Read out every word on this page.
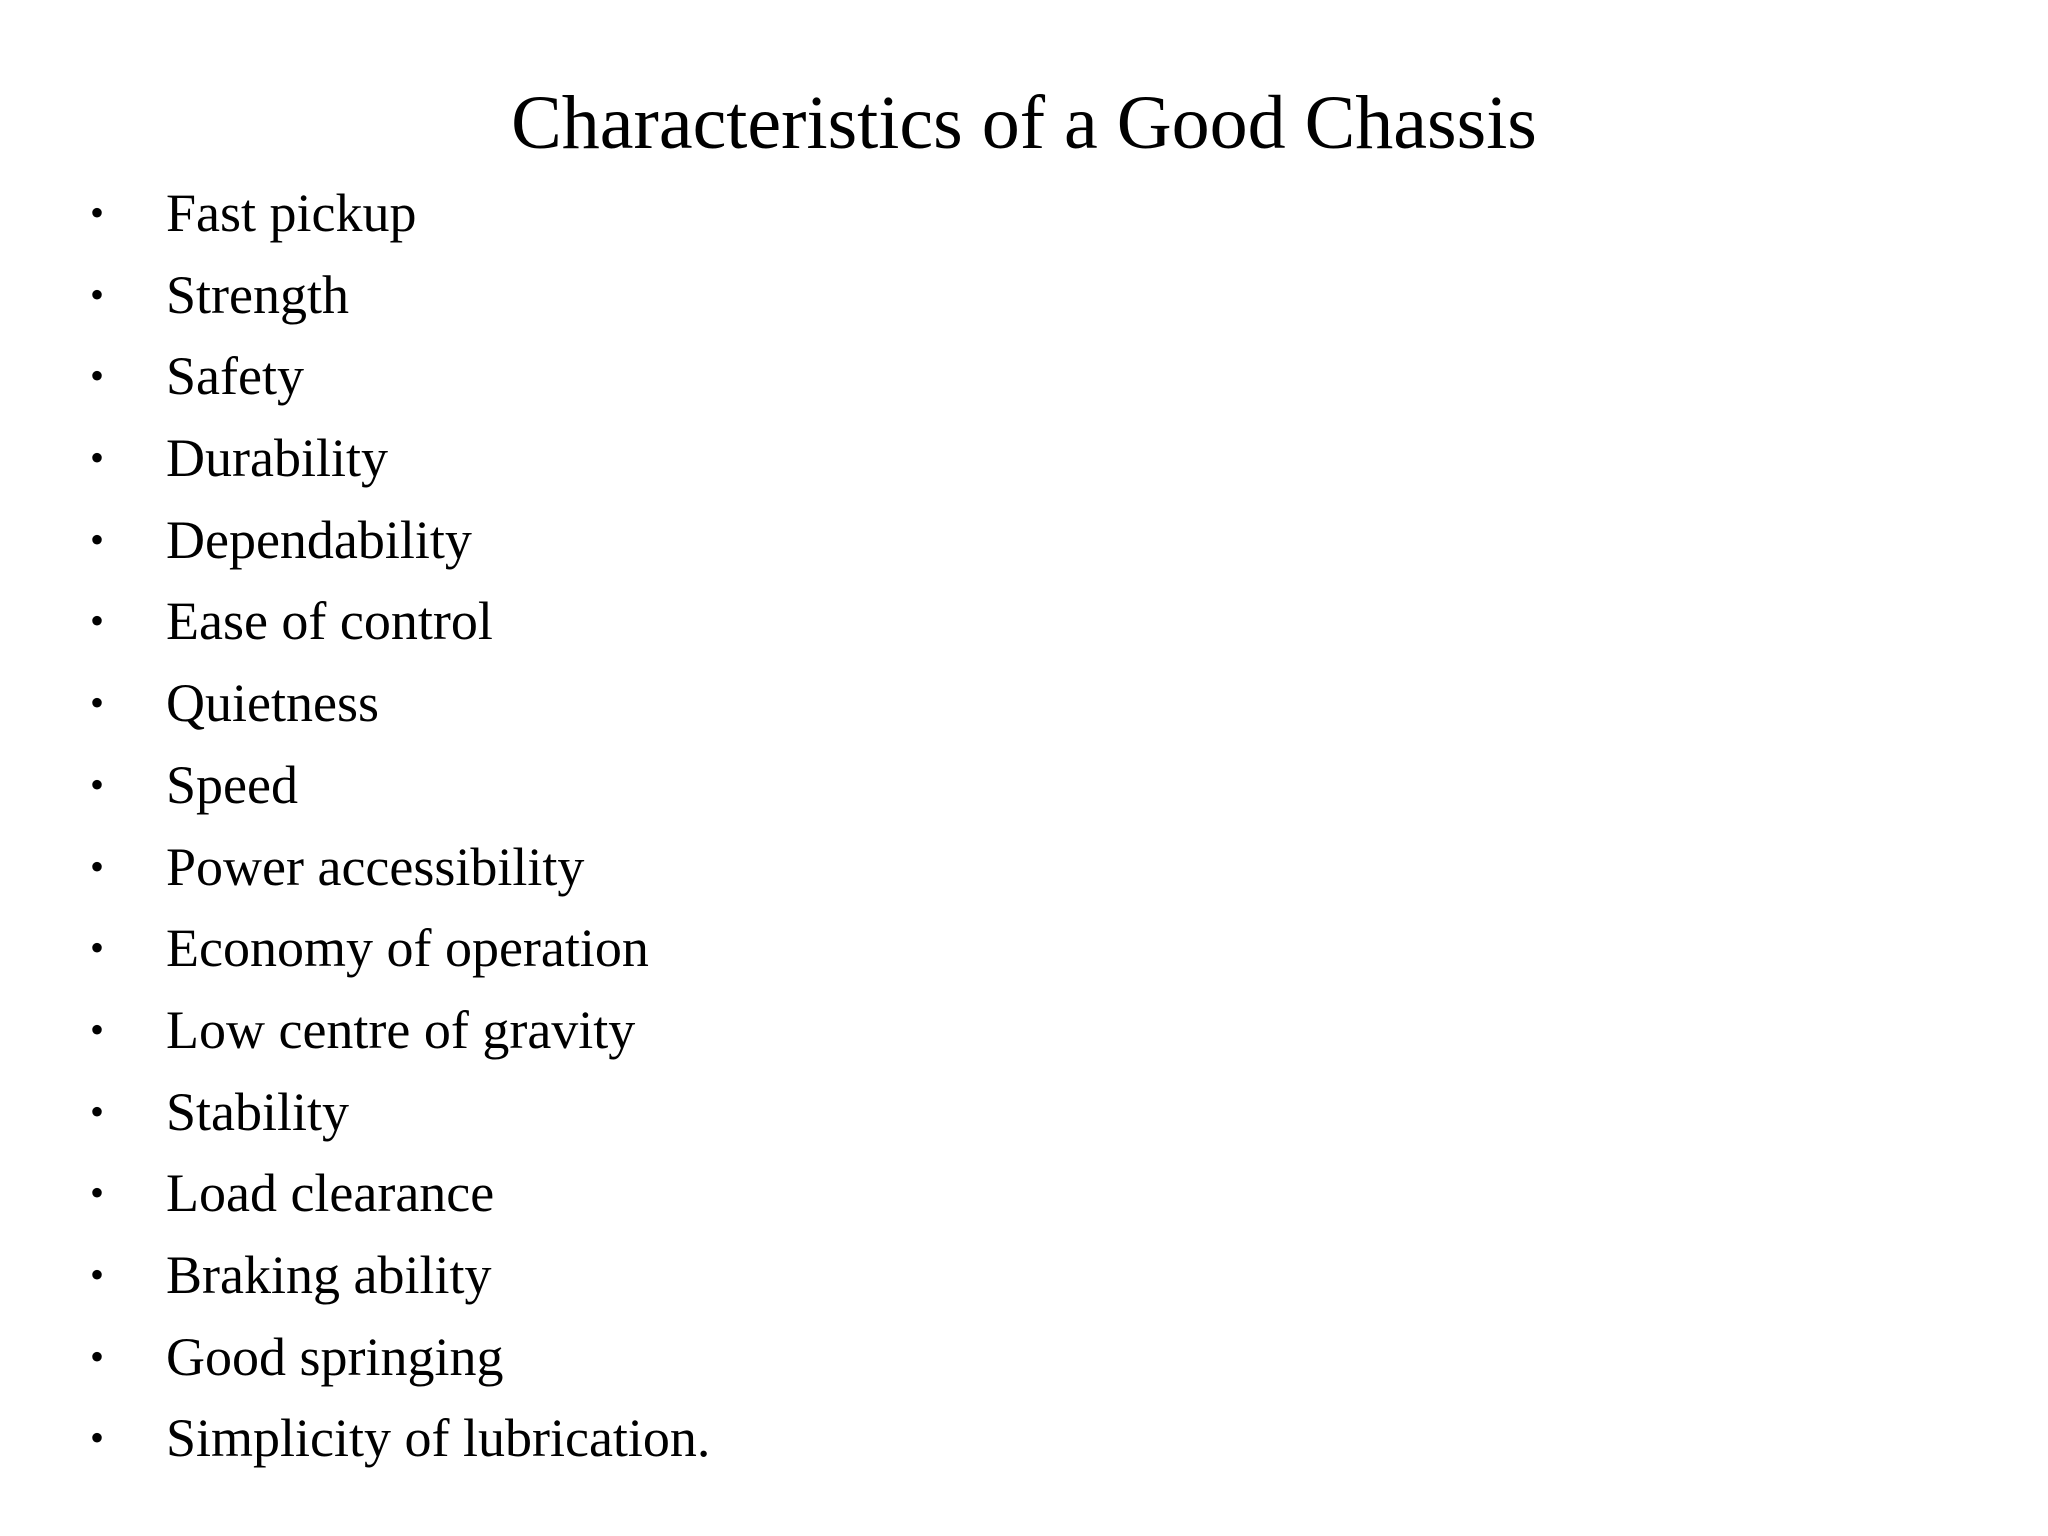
Characteristics of a Good Chassis
• Fast pickup
• Strength
• Safety
• Durability
• Dependability
• Ease of control
• Quietness
• Speed
• Power accessibility
• Economy of operation
• Low centre of gravity
• Stability
• Load clearance
• Braking ability
• Good springing
• Simplicity of lubrication.
